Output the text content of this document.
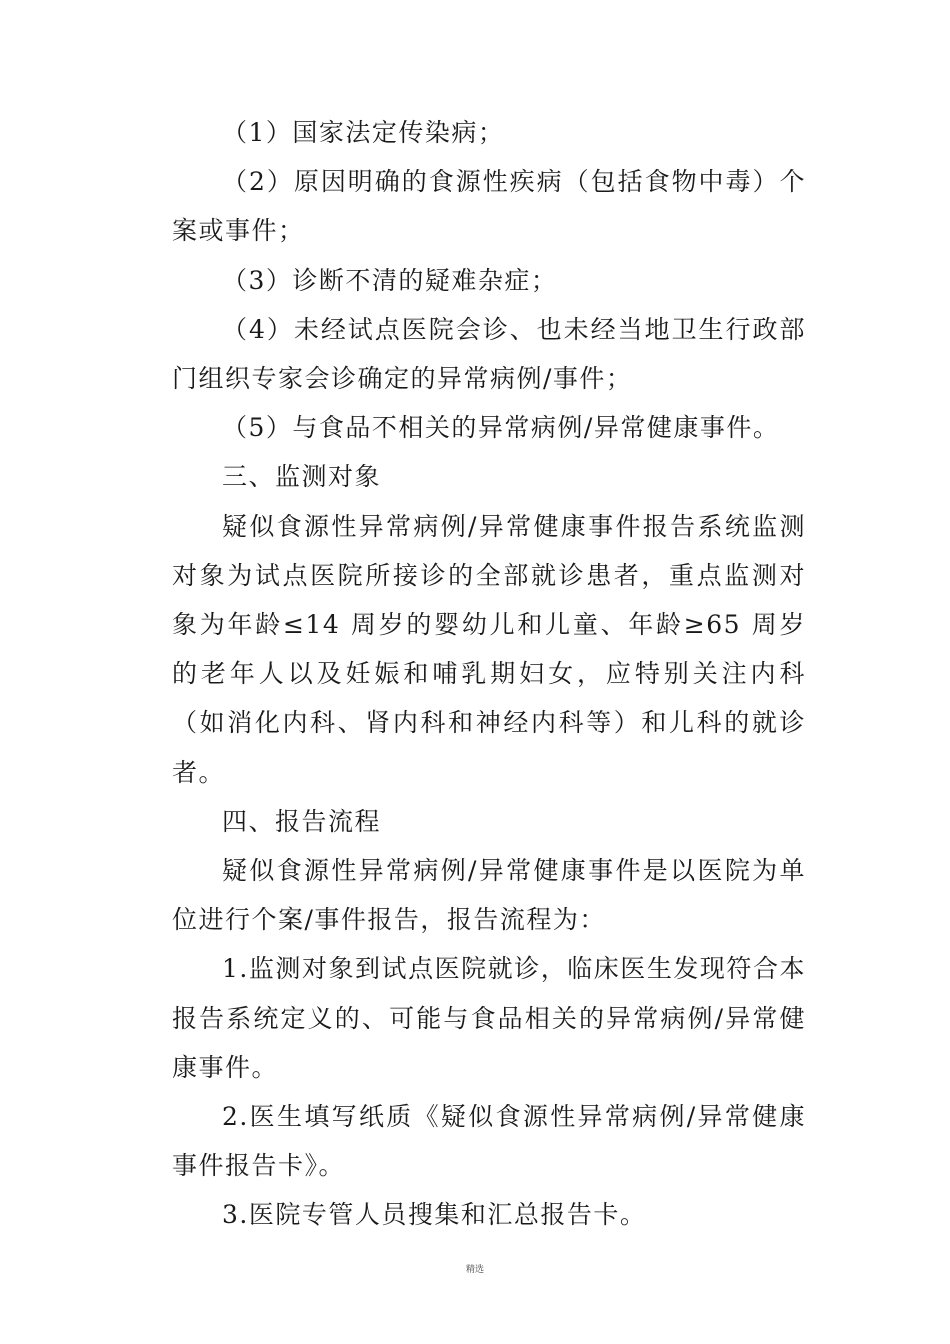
（1）国家法定传染病；

（2）原因明确的食源性疾病（包括食物中毒）个案或事件；

（3）诊断不清的疑难杂症；

（4）未经试点医院会诊、也未经当地卫生行政部门组织专家会诊确定的异常病例/事件；

（5）与食品不相关的异常病例/异常健康事件。

三、监测对象

疑似食源性异常病例/异常健康事件报告系统监测对象为试点医院所接诊的全部就诊患者，重点监测对象为年龄≤14 周岁的婴幼儿和儿童、年龄≥65 周岁的老年人以及妊娠和哺乳期妇女，应特别关注内科（如消化内科、肾内科和神经内科等）和儿科的就诊者。

四、报告流程

疑似食源性异常病例/异常健康事件是以医院为单位进行个案/事件报告，报告流程为：

1.监测对象到试点医院就诊，临床医生发现符合本报告系统定义的、可能与食品相关的异常病例/异常健康事件。

2.医生填写纸质《疑似食源性异常病例/异常健康事件报告卡》。

3.医院专管人员搜集和汇总报告卡。

精选
